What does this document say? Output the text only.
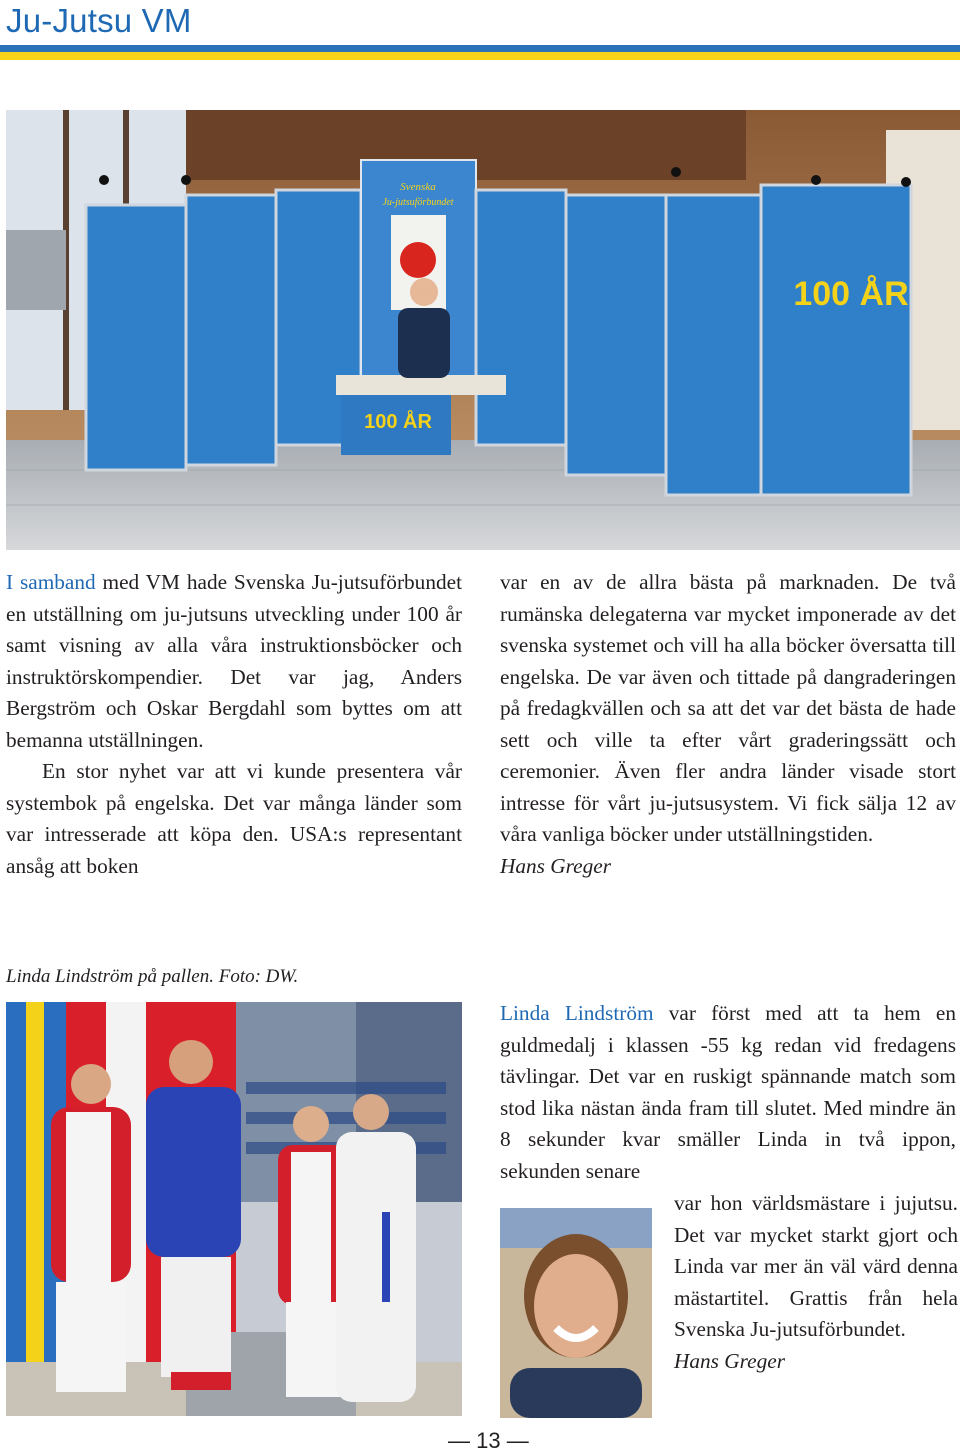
Ju-Jutsu VM
Svenska
Ju-jutsuförbundet
100 ÅR
100 ÅR

I samband med VM hade Svenska Ju-jutsuförbundet en utställning om ju-jutsuns utveckling under 100 år samt visning av alla våra instruktionsböcker och instruktörskompendier. Det var jag, Anders Bergström och Oskar Bergdahl som byttes om att bemanna utställningen.

En stor nyhet var att vi kunde presentera vår systembok på engelska. Det var många länder som var intresserade att köpa den. USA:s representant ansåg att boken

var en av de allra bästa på marknaden. De två rumänska delegaterna var mycket imponerade av det svenska systemet och vill ha alla böcker översatta till engelska. De var även och tittade på dangraderingen på fredagkvällen och sa att det var det bästa de hade sett och ville ta efter vårt graderingssätt och ceremonier. Även fler andra länder visade stort intresse för vårt ju-jutsusystem. Vi fick sälja 12 av våra vanliga böcker under utställningstiden.

Hans Greger

Linda Lindström på pallen. Foto: DW.

Linda Lindström var först med att ta hem en guldmedalj i klassen -55 kg redan vid fredagens tävlingar. Det var en ruskigt spännande match som stod lika nästan ända fram till slutet. Med mindre än 8 sekunder kvar smäller Linda in två ippon, sekunden senare

var hon världsmästare i jujutsu. Det var mycket starkt gjort och Linda var mer än väl värd denna mästartitel. Grattis från hela Svenska Ju-jutsuförbundet.

Hans Greger

— 13 —
